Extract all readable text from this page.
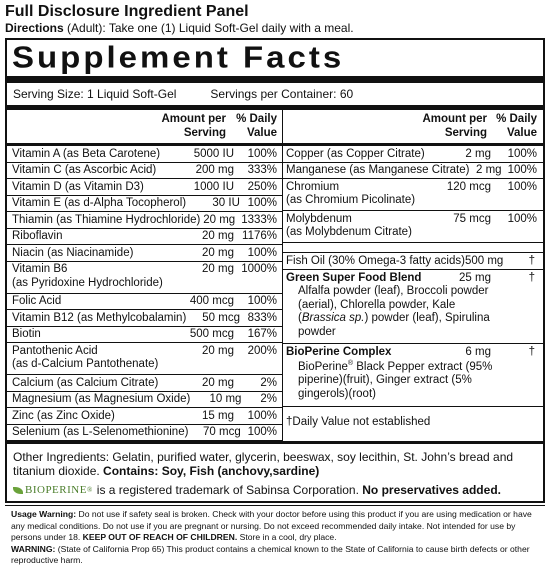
Full Disclosure Ingredient Panel
Directions (Adult): Take one (1) Liquid Soft-Gel daily with a meal.
Supplement Facts
Serving Size: 1 Liquid Soft-Gel	Servings per Container: 60
Amount per Serving
% Daily Value
Vitamin A (as Beta Carotene)	5000 IU	100%
Vitamin C (as Ascorbic Acid)	200 mg	333%
Vitamin D (as Vitamin D3)	1000 IU	250%
Vitamin E (as d-Alpha Tocopherol)	30 IU 100%
Thiamin (as Thiamine Hydrochloride) 20 mg 1333%
Riboflavin	20 mg 1176%
Niacin (as Niacinamide)	20 mg	100%
Vitamin B6
(as Pyridoxine Hydrochloride)
20 mg 1000%
Folic Acid	400 mcg	100%
Vitamin B12 (as Methylcobalamin)	50 mcg 833%
Biotin	500 mcg	167%
Pantothenic Acid
(as d-Calcium Pantothenate)
20 mg	200%
Calcium (as Calcium Citrate)	20 mg	2%
Magnesium (as Magnesium Oxide)	10 mg	2%
Zinc (as Zinc Oxide)	15 mg	100%
Selenium (as L-Selenomethionine)	70 mcg 100%
Amount per Serving
% Daily Value
Copper (as Copper Citrate)	2 mg	100%
Manganese (as Manganese Citrate) 2 mg 100%
Chromium
(as Chromium Picolinate)
120 mcg	100%
Molybdenum
(as Molybdenum Citrate)
75 mcg	100%
Fish Oil (30% Omega-3 fatty acids) 500 mg	†
Green Super Food Blend	25 mg	†
Alfalfa powder (leaf), Broccoli powder (aerial), Chlorella powder, Kale (Brassica sp.) powder (leaf), Spirulina powder
BioPerine Complex	6 mg	†
BioPerine® Black Pepper extract (95% piperine)(fruit), Ginger extract (5% gingerols)(root)
†Daily Value not established
Other Ingredients: Gelatin, purified water, glycerin, beeswax, soy lecithin, St. John’s bread and titanium dioxide. Contains: Soy, Fish (anchovy,sardine)
BIOPERINE ® is a registered trademark of Sabinsa Corporation. No preservatives added.
Usage Warning: Do not use if safety seal is broken. Check with your doctor before using this product if you are using medication or have any medical conditions. Do not use if you are pregnant or nursing. Do not exceed recommended daily intake. Not intended for use by persons under 18. KEEP OUT OF REACH OF CHILDREN. Store in a cool, dry place.
WARNING: (State of California Prop 65) This product contains a chemical known to the State of California to cause birth defects or other reproductive harm.
